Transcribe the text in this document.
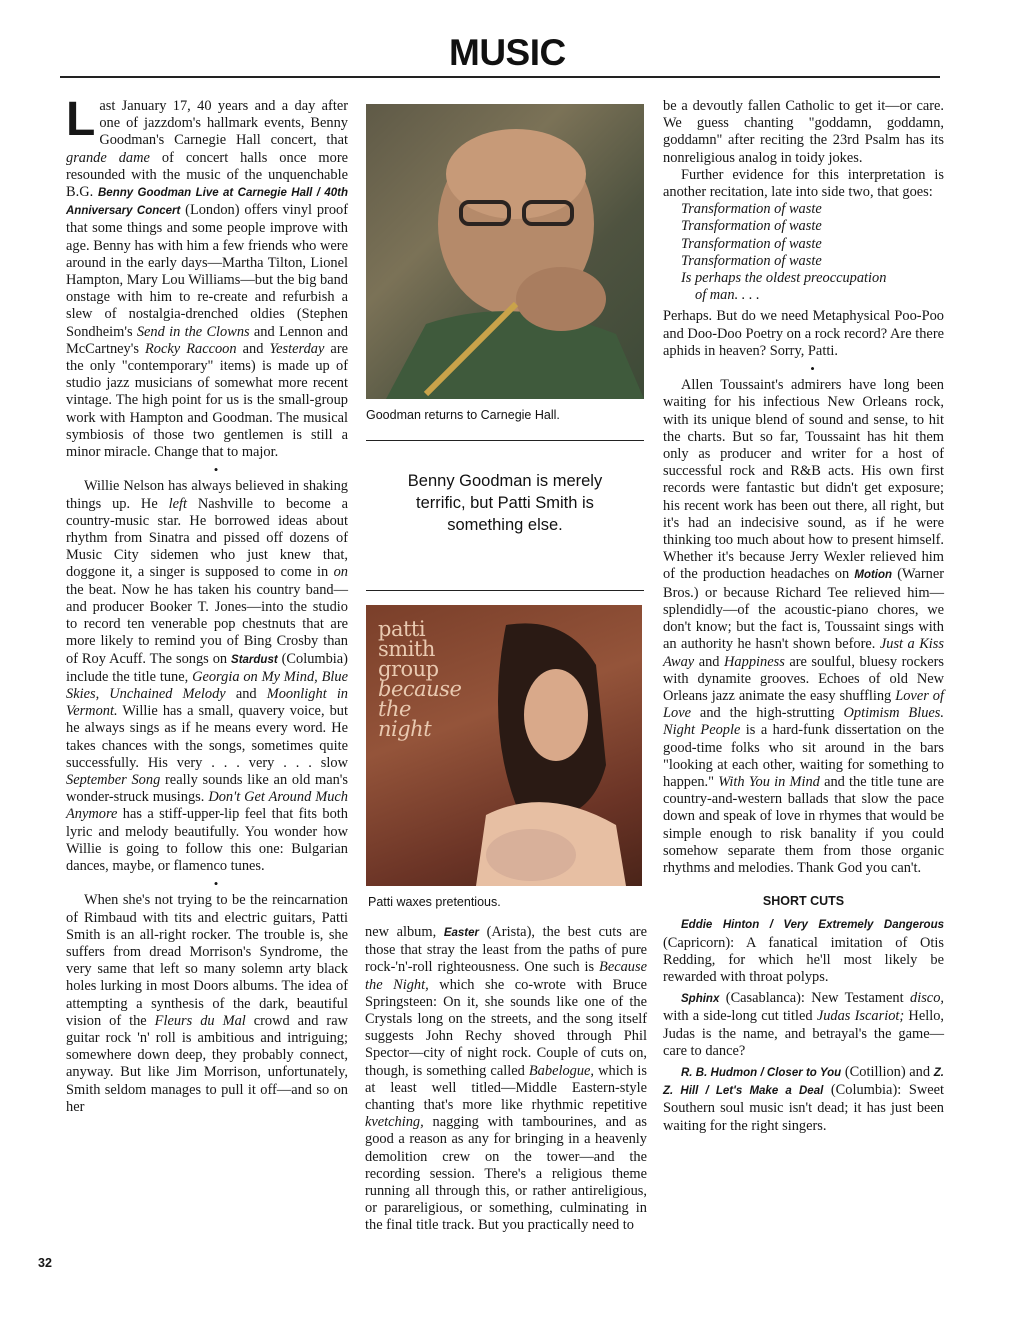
MUSIC

Last January 17, 40 years and a day after one of jazzdom's hallmark events, Benny Goodman's Carnegie Hall concert, that grande dame of concert halls once more resounded with the music of the unquenchable B.G. Benny Goodman Live at Carnegie Hall / 40th Anniversary Concert (London) offers vinyl proof that some things and some people improve with age. Benny has with him a few friends who were around in the early days—Martha Tilton, Lionel Hampton, Mary Lou Williams—but the big band onstage with him to re-create and refurbish a slew of nostalgia-drenched oldies (Stephen Sondheim's Send in the Clowns and Lennon and McCartney's Rocky Raccoon and Yesterday are the only "contemporary" items) is made up of studio jazz musicians of somewhat more recent vintage. The high point for us is the small-group work with Hampton and Goodman. The musical symbiosis of those two gentlemen is still a minor miracle. Change that to major.

•

Willie Nelson has always believed in shaking things up. He left Nashville to become a country-music star. He borrowed ideas about rhythm from Sinatra and pissed off dozens of Music City sidemen who just knew that, doggone it, a singer is supposed to come in on the beat. Now he has taken his country band—and producer Booker T. Jones—into the studio to record ten venerable pop chestnuts that are more likely to remind you of Bing Crosby than of Roy Acuff. The songs on Stardust (Columbia) include the title tune, Georgia on My Mind, Blue Skies, Unchained Melody and Moonlight in Vermont. Willie has a small, quavery voice, but he always sings as if he means every word. He takes chances with the songs, sometimes quite successfully. His very . . . very . . . slow September Song really sounds like an old man's wonder-struck musings. Don't Get Around Much Anymore has a stiff-upper-lip feel that fits both lyric and melody beautifully. You wonder how Willie is going to follow this one: Bulgarian dances, maybe, or flamenco tunes.

•

When she's not trying to be the reincarnation of Rimbaud with tits and electric guitars, Patti Smith is an all-right rocker. The trouble is, she suffers from dread Morrison's Syndrome, the very same that left so many solemn arty black holes lurking in most Doors albums. The idea of attempting a synthesis of the dark, beautiful vision of the Fleurs du Mal crowd and raw guitar rock 'n' roll is ambitious and intriguing; somewhere down deep, they probably connect, anyway. But like Jim Morrison, unfortunately, Smith seldom manages to pull it off—and so on her

Goodman returns to Carnegie Hall.
Benny Goodman is merely terrific, but Patti Smith is something else.
patti
smith
group
because
the
night
Patti waxes pretentious.

new album, Easter (Arista), the best cuts are those that stray the least from the paths of pure rock-'n'-roll righteousness. One such is Because the Night, which she co-wrote with Bruce Springsteen: On it, she sounds like one of the Crystals long on the streets, and the song itself suggests John Rechy shoved through Phil Spector—city of night rock. Couple of cuts on, though, is something called Babelogue, which is at least well titled—Middle Eastern-style chanting that's more like rhythmic repetitive kvetching, nagging with tambourines, and as good a reason as any for bringing in a heavenly demolition crew on the tower—and the recording session. There's a religious theme running all through this, or rather antireligious, or parareligious, or something, culminating in the final title track. But you practically need to

be a devoutly fallen Catholic to get it—or care. We guess chanting "goddamn, goddamn, goddamn" after reciting the 23rd Psalm has its nonreligious analog in toidy jokes.

Further evidence for this interpretation is another recitation, late into side two, that goes:

Transformation of waste
Transformation of waste
Transformation of waste
Transformation of waste
Is perhaps the oldest preoccupation
of man. . . .

Perhaps. But do we need Metaphysical Poo-Poo and Doo-Doo Poetry on a rock record? Are there aphids in heaven? Sorry, Patti.

•

Allen Toussaint's admirers have long been waiting for his infectious New Orleans rock, with its unique blend of sound and sense, to hit the charts. But so far, Toussaint has hit them only as producer and writer for a host of successful rock and R&B acts. His own first records were fantastic but didn't get exposure; his recent work has been out there, all right, but it's had an indecisive sound, as if he were thinking too much about how to present himself. Whether it's because Jerry Wexler relieved him of the production headaches on Motion (Warner Bros.) or because Richard Tee relieved him—splendidly—of the acoustic-piano chores, we don't know; but the fact is, Toussaint sings with an authority he hasn't shown before. Just a Kiss Away and Happiness are soulful, bluesy rockers with dynamite grooves. Echoes of old New Orleans jazz animate the easy shuffling Lover of Love and the high-strutting Optimism Blues. Night People is a hard-funk dissertation on the good-time folks who sit around in the bars "looking at each other, waiting for something to happen." With You in Mind and the title tune are country-and-western ballads that slow the pace down and speak of love in rhymes that would be simple enough to risk banality if you could somehow separate them from those organic rhythms and melodies. Thank God you can't.

SHORT CUTS

Eddie Hinton / Very Extremely Dangerous (Capricorn): A fanatical imitation of Otis Redding, for which he'll most likely be rewarded with throat polyps.

Sphinx (Casablanca): New Testament disco, with a side-long cut titled Judas Iscariot; Hello, Judas is the name, and betrayal's the game—care to dance?

R. B. Hudmon / Closer to You (Cotillion) and Z. Z. Hill / Let's Make a Deal (Columbia): Sweet Southern soul music isn't dead; it has just been waiting for the right singers.

32
